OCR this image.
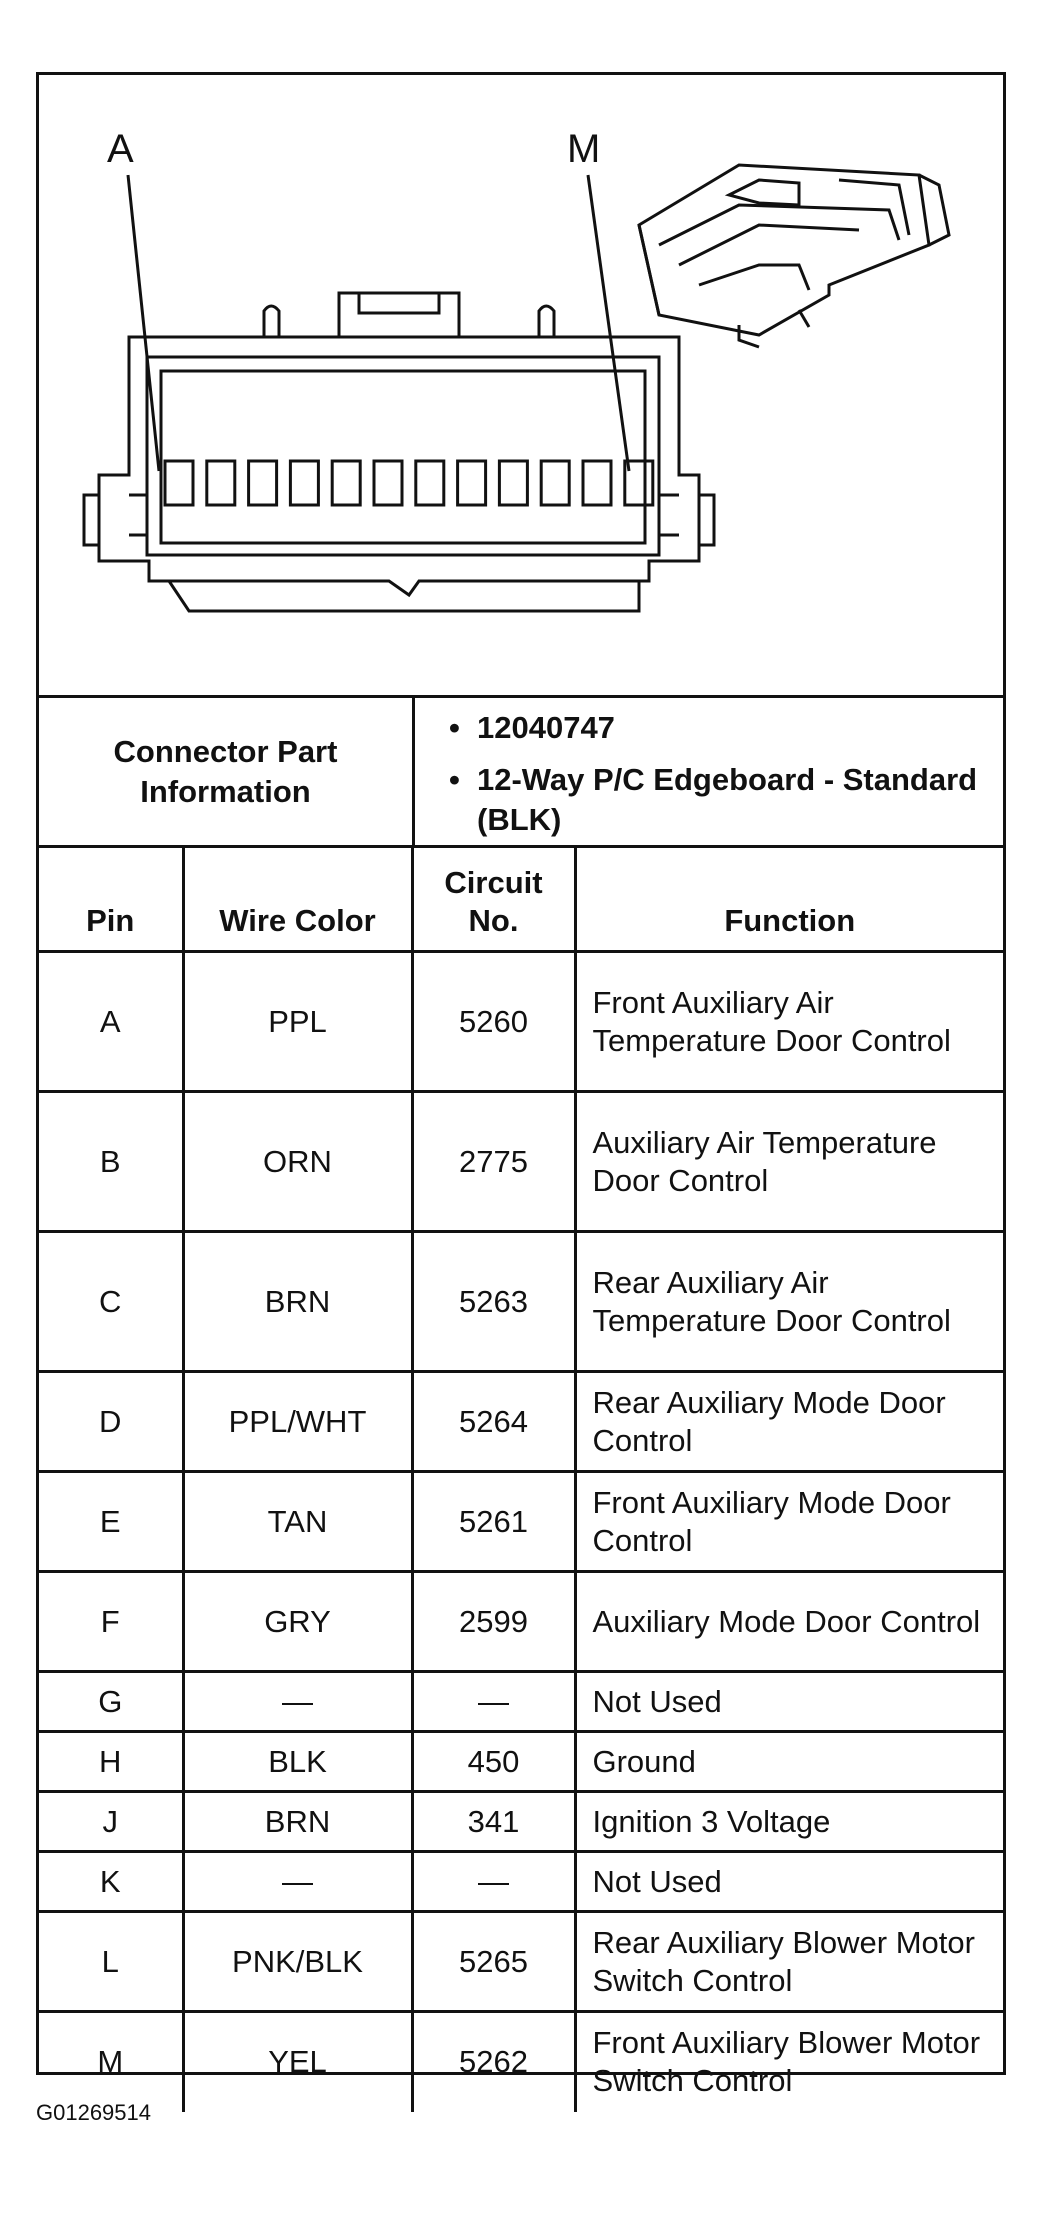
A	M
Connector Part Information
• 12040747
• 12-Way P/C Edgeboard - Standard (BLK)
Pin	Wire Color	Circuit No.	Function
A	PPL	5260	Front Auxiliary Air Temperature Door Control
B	ORN	2775	Auxiliary Air Temperature Door Control
C	BRN	5263	Rear Auxiliary Air Temperature Door Control
D	PPL/WHT	5264	Rear Auxiliary Mode Door Control
E	TAN	5261	Front Auxiliary Mode Door Control
F	GRY	2599	Auxiliary Mode Door Control
G	—	—	Not Used
H	BLK	450	Ground
J	BRN	341	Ignition 3 Voltage
K	—	—	Not Used
L	PNK/BLK	5265	Rear Auxiliary Blower Motor Switch Control
M	YEL	5262	Front Auxiliary Blower Motor Switch Control
G01269514
